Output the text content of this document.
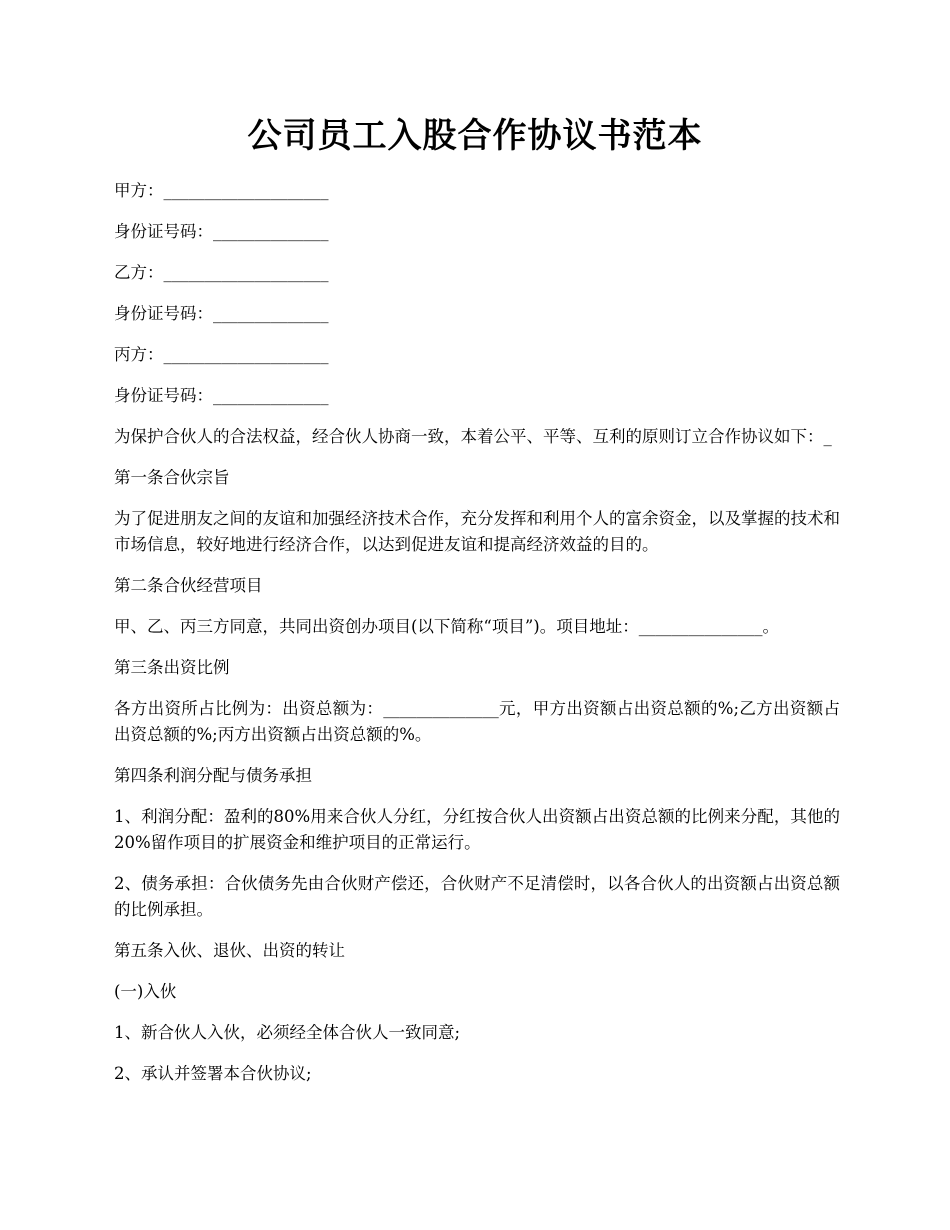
公司员工入股合作协议书范本

甲方：____________________

身份证号码：______________

乙方：____________________

身份证号码：______________

丙方：____________________

身份证号码：______________

为保护合伙人的合法权益，经合伙人协商一致，本着公平、平等、互利的原则订立合作协议如下：_

第一条合伙宗旨

为了促进朋友之间的友谊和加强经济技术合作，充分发挥和利用个人的富余资金，以及掌握的技术和市场信息，较好地进行经济合作，以达到促进友谊和提高经济效益的目的。

第二条合伙经营项目

甲、乙、丙三方同意，共同出资创办项目(以下简称“项目”)。项目地址：_______________。

第三条出资比例

各方出资所占比例为：出资总额为：______________元，甲方出资额占出资总额的%;乙方出资额占出资总额的%;丙方出资额占出资总额的%。

第四条利润分配与债务承担

1、利润分配：盈利的80%用来合伙人分红，分红按合伙人出资额占出资总额的比例来分配，其他的20%留作项目的扩展资金和维护项目的正常运行。

2、债务承担：合伙债务先由合伙财产偿还，合伙财产不足清偿时，以各合伙人的出资额占出资总额的比例承担。

第五条入伙、退伙、出资的转让

(一)入伙

1、新合伙人入伙，必须经全体合伙人一致同意;

2、承认并签署本合伙协议;
